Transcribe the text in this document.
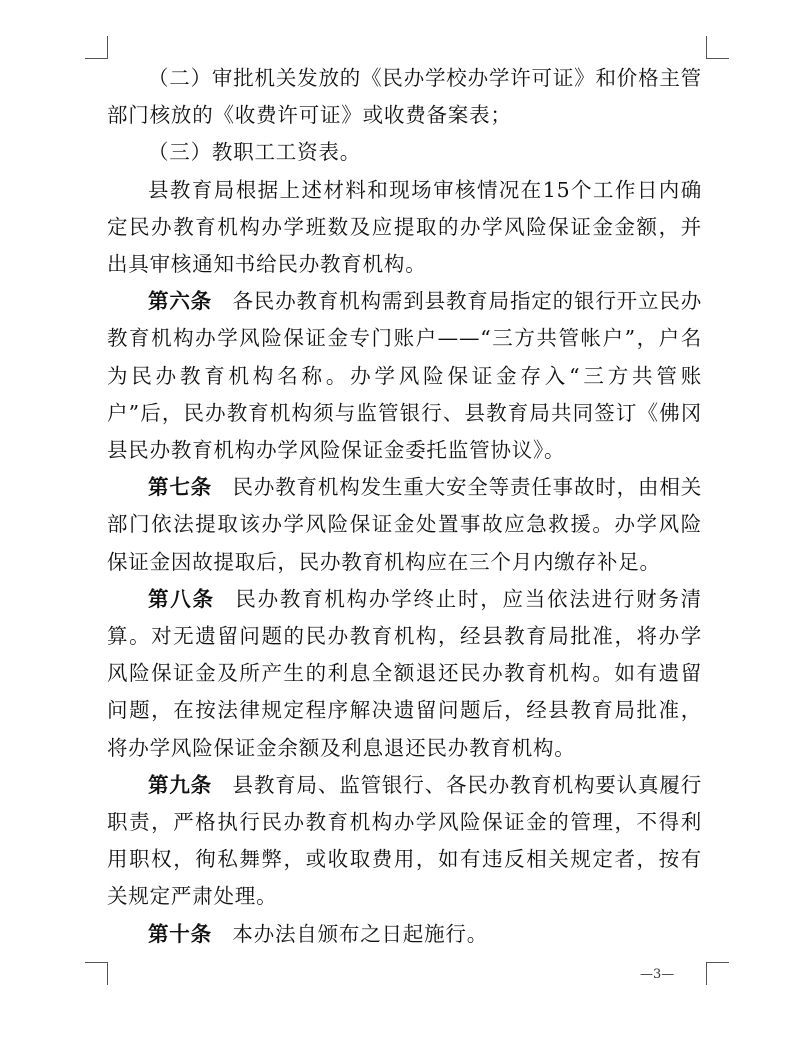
（二）审批机关发放的《民办学校办学许可证》和价格主管部门核放的《收费许可证》或收费备案表；

（三）教职工工资表。

县教育局根据上述材料和现场审核情况在15个工作日内确定民办教育机构办学班数及应提取的办学风险保证金金额，并出具审核通知书给民办教育机构。

第六条 各民办教育机构需到县教育局指定的银行开立民办教育机构办学风险保证金专门账户——“三方共管帐户”，户名为民办教育机构名称。办学风险保证金存入“三方共管账户”后，民办教育机构须与监管银行、县教育局共同签订《佛冈县民办教育机构办学风险保证金委托监管协议》。

第七条 民办教育机构发生重大安全等责任事故时，由相关部门依法提取该办学风险保证金处置事故应急救援。办学风险保证金因故提取后，民办教育机构应在三个月内缴存补足。

第八条 民办教育机构办学终止时，应当依法进行财务清算。对无遗留问题的民办教育机构，经县教育局批准，将办学风险保证金及所产生的利息全额退还民办教育机构。如有遗留问题，在按法律规定程序解决遗留问题后，经县教育局批准，将办学风险保证金余额及利息退还民办教育机构。

第九条 县教育局、监管银行、各民办教育机构要认真履行职责，严格执行民办教育机构办学风险保证金的管理，不得利用职权，徇私舞弊，或收取费用，如有违反相关规定者，按有关规定严肃处理。

第十条 本办法自颁布之日起施行。

—3—
